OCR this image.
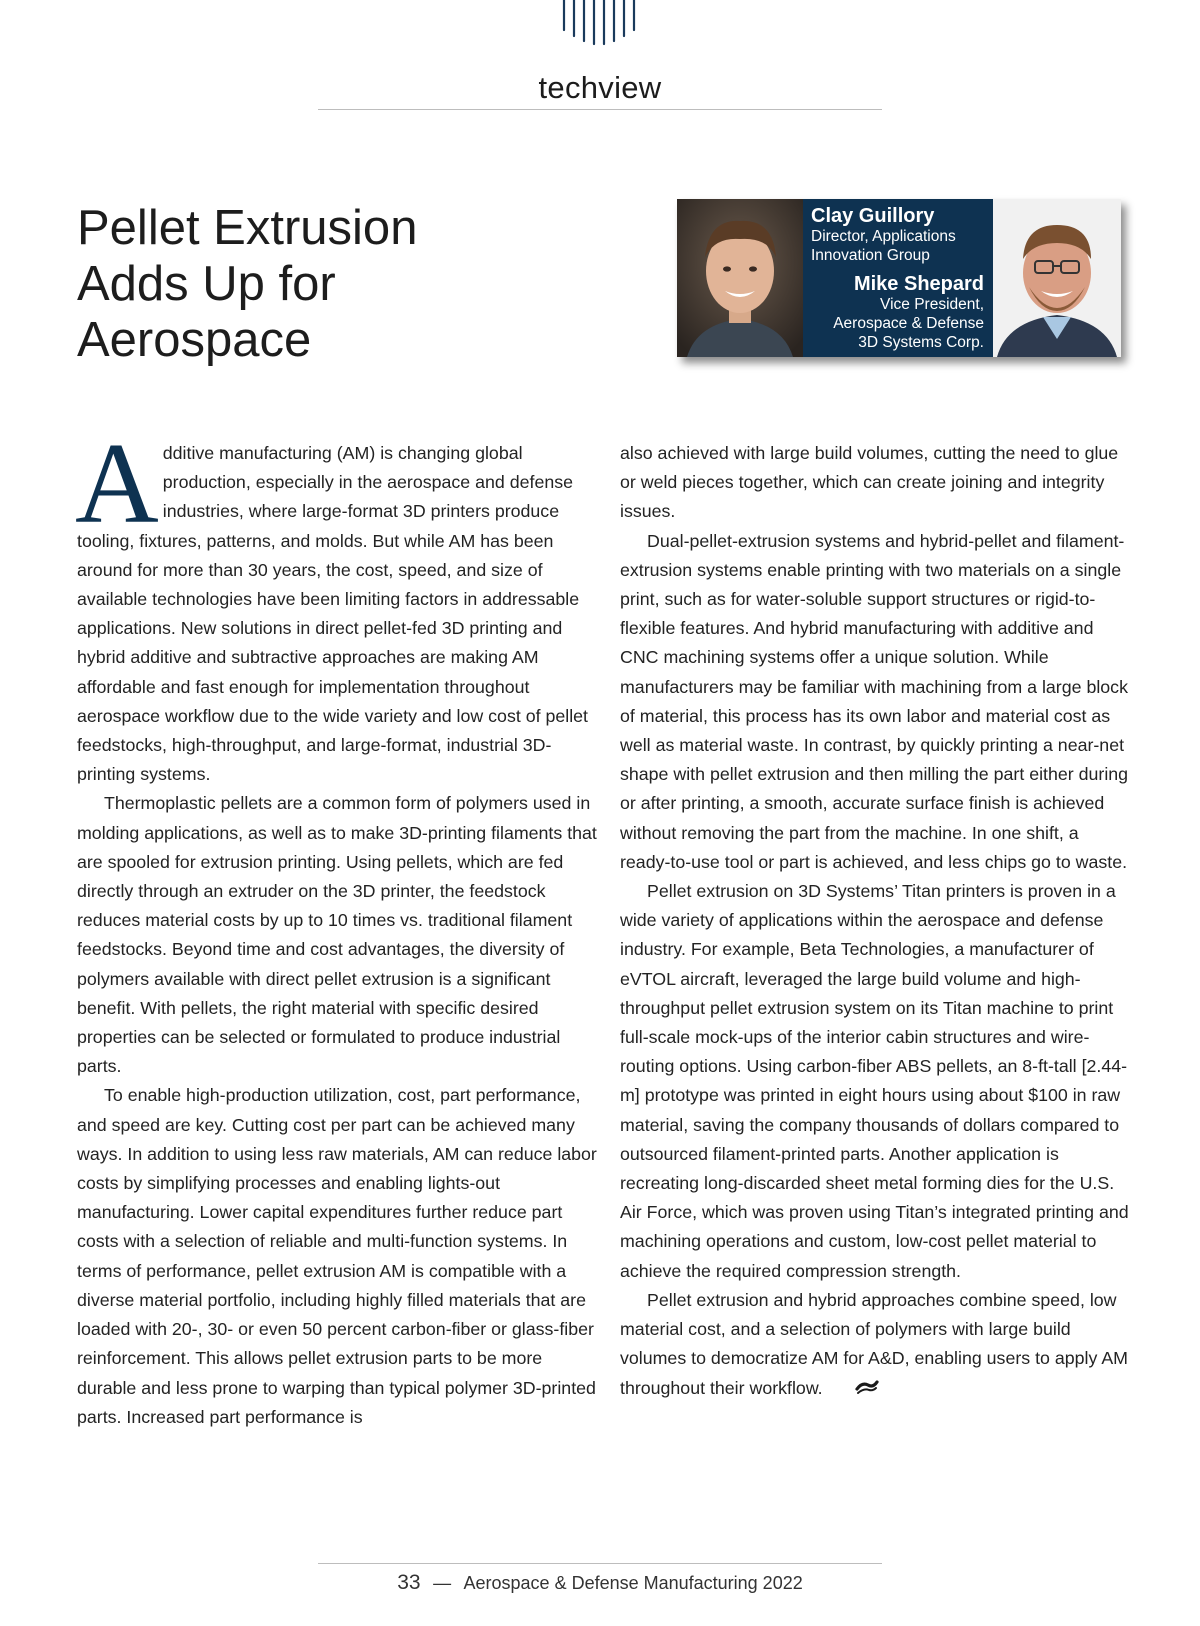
techview
Pellet Extrusion
Adds Up for
Aerospace
Clay Guillory
Director, Applications
Innovation Group
Mike Shepard
Vice President,
Aerospace & Defense
3D Systems Corp.

Additive manufacturing (AM) is changing global production, especially in the aerospace and defense industries, where large-format 3D printers produce tooling, fixtures, patterns, and molds. But while AM has been around for more than 30 years, the cost, speed, and size of available technologies have been limiting factors in addressable applications. New solutions in direct pellet-fed 3D printing and hybrid additive and subtractive approaches are making AM affordable and fast enough for implementation throughout aerospace workflow due to the wide variety and low cost of pellet feedstocks, high-throughput, and large-format, industrial 3D-printing systems.

Thermoplastic pellets are a common form of polymers used in molding applications, as well as to make 3D-printing filaments that are spooled for extrusion printing. Using pellets, which are fed directly through an extruder on the 3D printer, the feedstock reduces material costs by up to 10 times vs. traditional filament feedstocks. Beyond time and cost advantages, the diversity of polymers available with direct pellet extrusion is a significant benefit. With pellets, the right material with specific desired properties can be selected or formulated to produce industrial parts.

To enable high-production utilization, cost, part performance, and speed are key. Cutting cost per part can be achieved many ways. In addition to using less raw materials, AM can reduce labor costs by simplifying processes and enabling lights-out manufacturing. Lower capital expenditures further reduce part costs with a selection of reliable and multi-function systems. In terms of performance, pellet extrusion AM is compatible with a diverse material portfolio, including highly filled materials that are loaded with 20-, 30- or even 50 percent carbon-fiber or glass-fiber reinforcement. This allows pellet extrusion parts to be more durable and less prone to warping than typical polymer 3D-printed parts. Increased part performance is

also achieved with large build volumes, cutting the need to glue or weld pieces together, which can create joining and integrity issues.

Dual-pellet-extrusion systems and hybrid-pellet and filament-extrusion systems enable printing with two materials on a single print, such as for water-soluble support structures or rigid-to-flexible features. And hybrid manufacturing with additive and CNC machining systems offer a unique solution. While manufacturers may be familiar with machining from a large block of material, this process has its own labor and material cost as well as material waste. In contrast, by quickly printing a near-net shape with pellet extrusion and then milling the part either during or after printing, a smooth, accurate surface finish is achieved without removing the part from the machine. In one shift, a ready-to-use tool or part is achieved, and less chips go to waste.

Pellet extrusion on 3D Systems’ Titan printers is proven in a wide variety of applications within the aerospace and defense industry. For example, Beta Technologies, a manufacturer of eVTOL aircraft, leveraged the large build volume and high-throughput pellet extrusion system on its Titan machine to print full-scale mock-ups of the interior cabin structures and wire-routing options. Using carbon-fiber ABS pellets, an 8-ft-tall [2.44-m] prototype was printed in eight hours using about $100 in raw material, saving the company thousands of dollars compared to outsourced filament-printed parts. Another application is recreating long-discarded sheet metal forming dies for the U.S. Air Force, which was proven using Titan’s integrated printing and machining operations and custom, low-cost pellet material to achieve the required compression strength.

Pellet extrusion and hybrid approaches combine speed, low material cost, and a selection of polymers with large build volumes to democratize AM for A&D, enabling users to apply AM throughout their workflow.

33 — Aerospace & Defense Manufacturing 2022
